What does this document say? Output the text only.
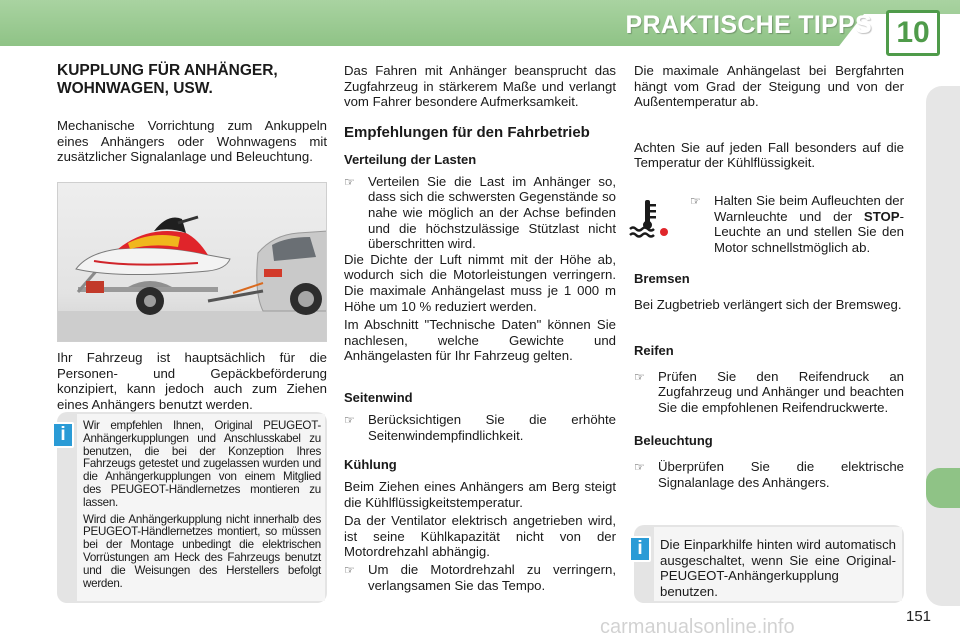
PRAKTISCHE TIPPS 10
KUPPLUNG FÜR ANHÄNGER,
WOHNWAGEN, USW.

Mechanische Vorrichtung zum Ankuppeln eines Anhängers oder Wohnwagens mit zusätzlicher Signalanlage und Beleuchtung.

Ihr Fahrzeug ist hauptsächlich für die Personen- und Gepäckbeförderung konzipiert, kann jedoch auch zum Ziehen eines Anhängers benutzt werden.

Wir empfehlen Ihnen, Original PEUGEOT-Anhängerkupplungen und Anschlusskabel zu benutzen, die bei der Konzeption Ihres Fahrzeugs getestet und zugelassen wurden und die Anhängerkupplungen von einem Mitglied des PEUGEOT-Händlernetzes montieren zu lassen.

Wird die Anhängerkupplung nicht innerhalb des PEUGEOT-Händlernetzes montiert, so müssen bei der Montage unbedingt die elektrischen Vorrüstungen am Heck des Fahrzeugs benutzt und die Weisungen des Herstellers befolgt werden.

i

Das Fahren mit Anhänger beansprucht das Zugfahrzeug in stärkerem Maße und verlangt vom Fahrer besondere Aufmerksamkeit.

Empfehlungen für den Fahrbetrieb
Verteilung der Lasten
☞	Verteilen Sie die Last im Anhänger so, dass sich die schwersten Gegenstände so nahe wie möglich an der Achse befinden und die höchstzulässige Stützlast nicht überschritten wird.

Die Dichte der Luft nimmt mit der Höhe ab, wodurch sich die Motorleistungen verringern. Die maximale Anhängelast muss je 1 000 m Höhe um 10 % reduziert werden.

Im Abschnitt "Technische Daten" können Sie nachlesen, welche Gewichte und Anhängelasten für Ihr Fahrzeug gelten.

Seitenwind
☞	Berücksichtigen Sie die erhöhte Seitenwindempfindlichkeit.
Kühlung

Beim Ziehen eines Anhängers am Berg steigt die Kühlflüssigkeitstemperatur.

Da der Ventilator elektrisch angetrieben wird, ist seine Kühlkapazität nicht von der Motordrehzahl abhängig.

☞	Um die Motordrehzahl zu verringern, verlangsamen Sie das Tempo.

Die maximale Anhängelast bei Bergfahrten hängt vom Grad der Steigung und von der Außentemperatur ab.

Achten Sie auf jeden Fall besonders auf die Temperatur der Kühlflüssigkeit.

☞	Halten Sie beim Aufleuchten der Warnleuchte und der STOP-Leuchte an und stellen Sie den Motor schnellstmöglich ab.
Bremsen

Bei Zugbetrieb verlängert sich der Bremsweg.

Reifen
☞	Prüfen Sie den Reifendruck an Zugfahrzeug und Anhänger und beachten Sie die empfohlenen Reifendruckwerte.
Beleuchtung
☞	Überprüfen Sie die elektrische Signalanlage des Anhängers.

Die Einparkhilfe hinten wird automatisch ausgeschaltet, wenn Sie eine Original-PEUGEOT-Anhängerkupplung benutzen.

i
151
carmanualsonline.info
